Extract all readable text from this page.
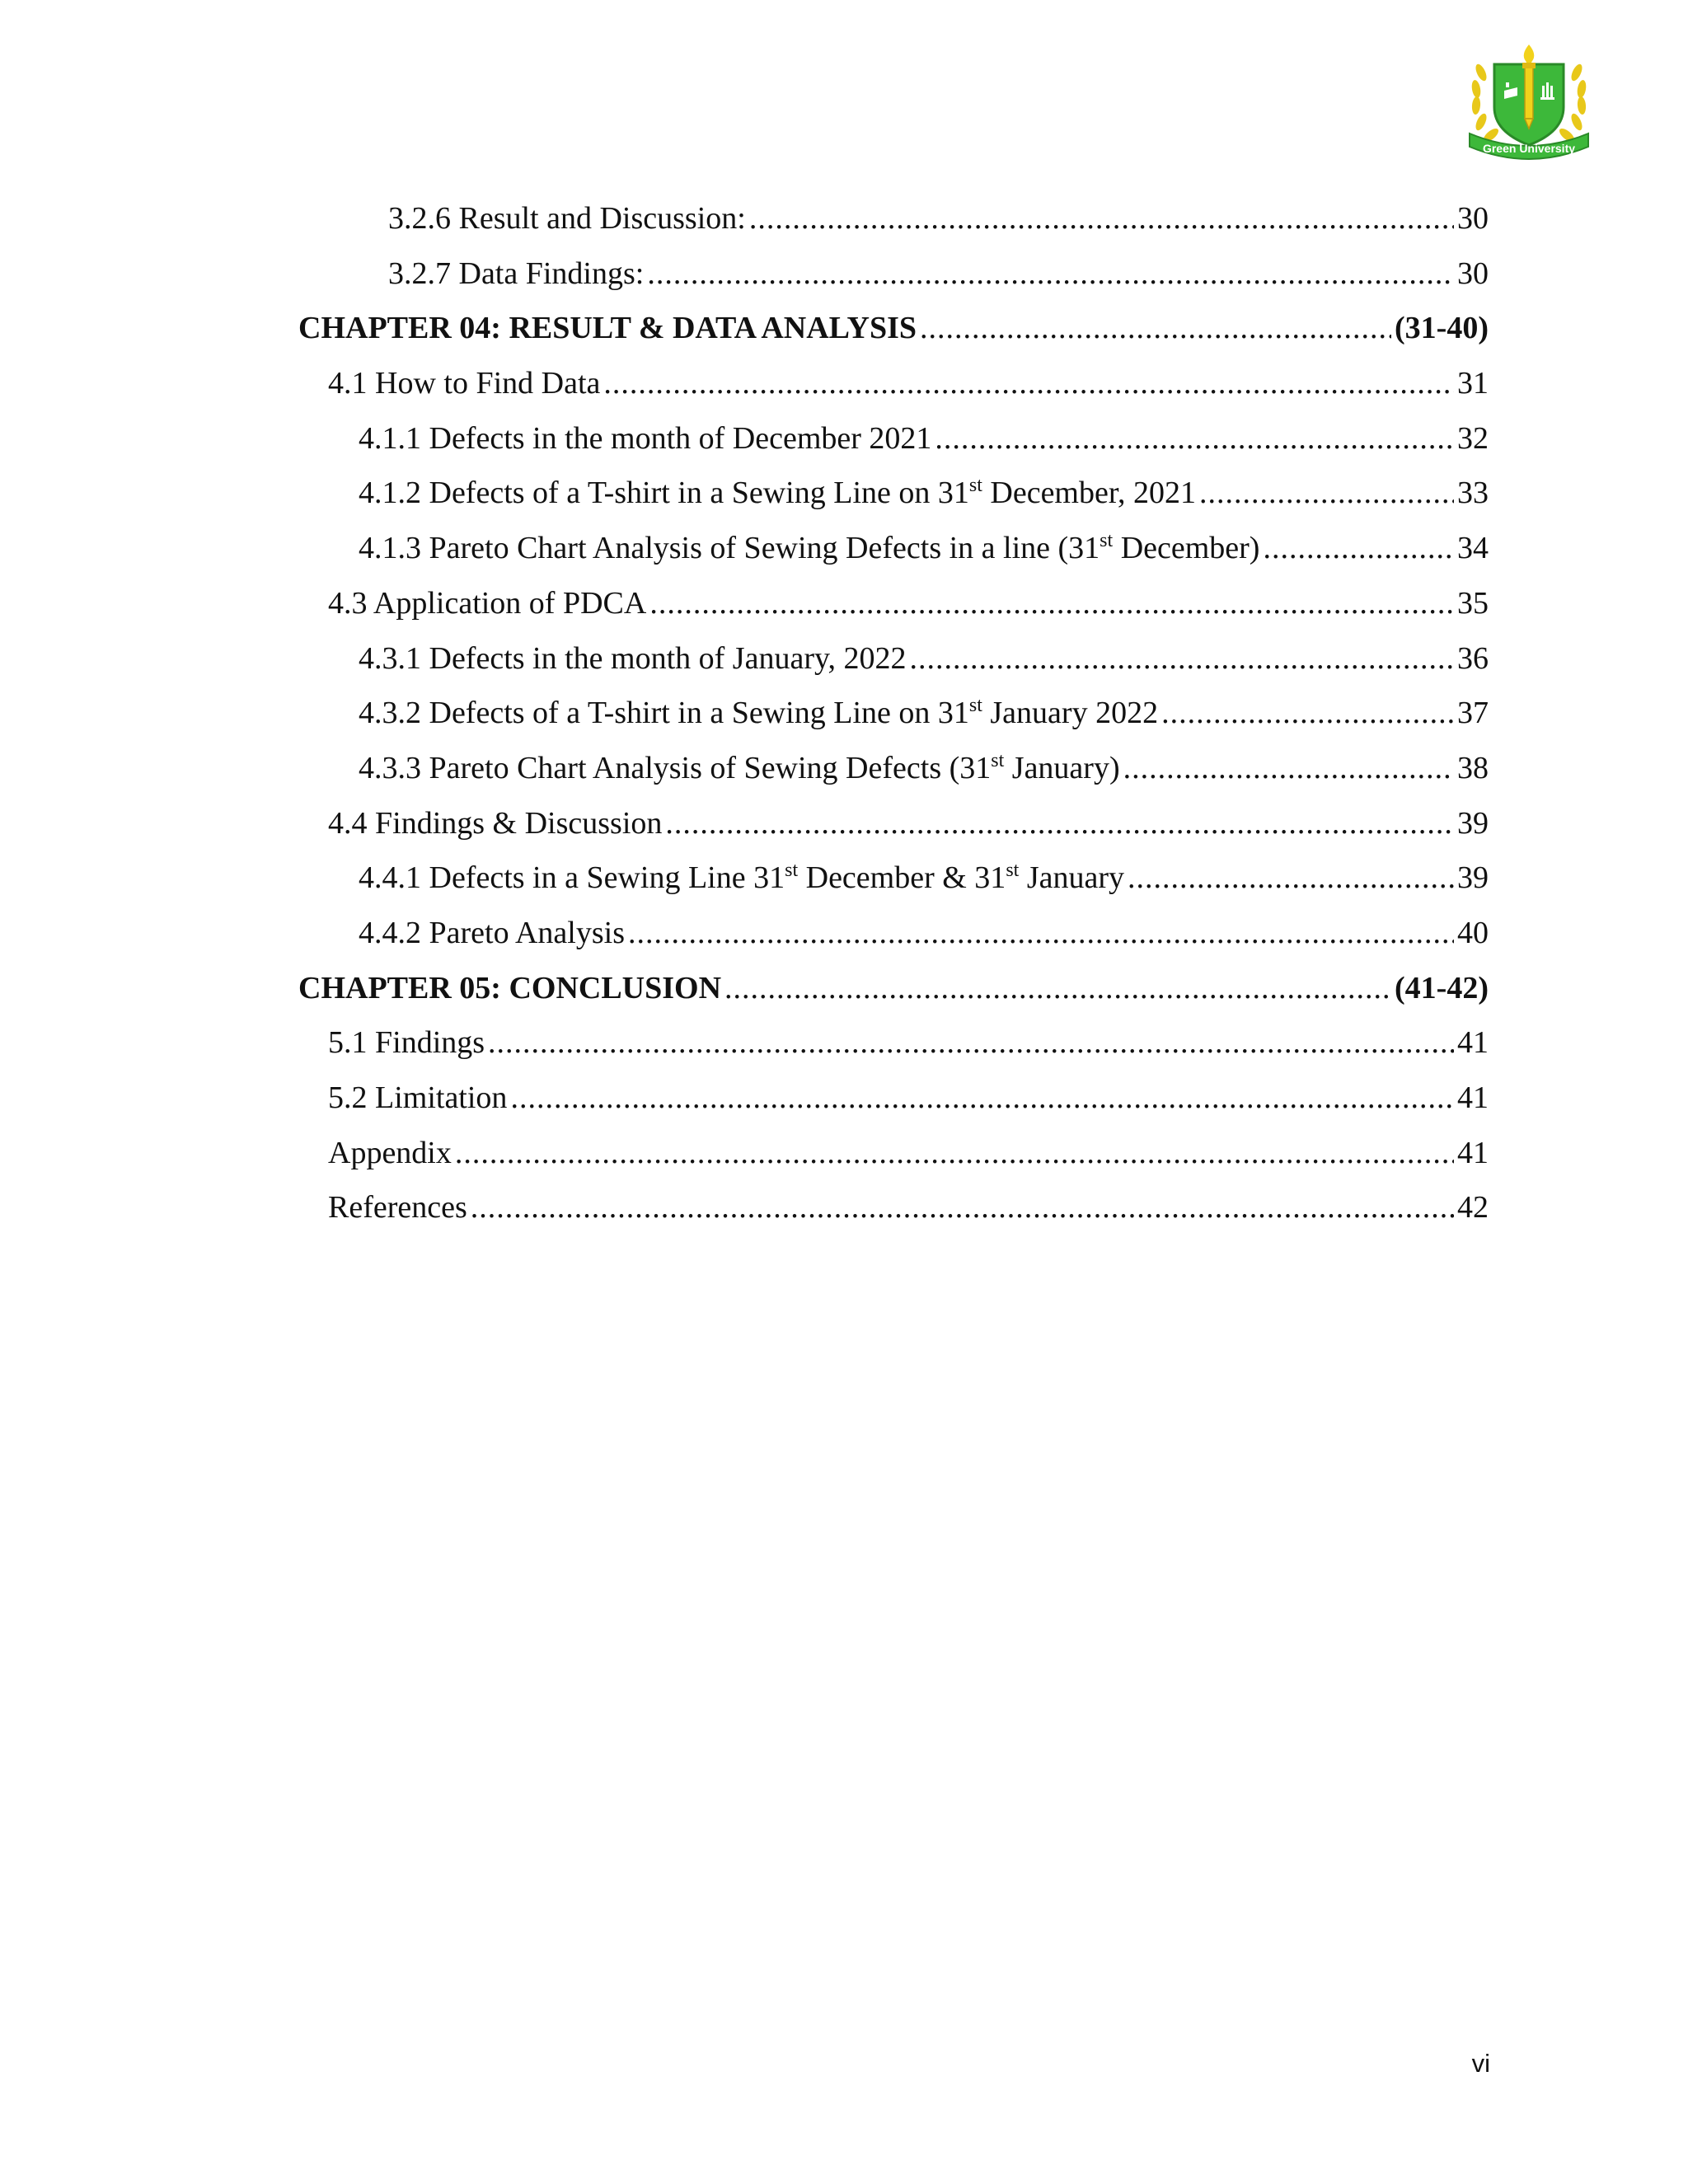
Green University
3.2.6 Result and Discussion: .....	30
3.2.7 Data Findings: .....	30
CHAPTER 04: RESULT & DATA ANALYSIS .....	(31-40)
4.1 How to Find Data .....	31
4.1.1 Defects in the month of December 2021 .....	32
4.1.2 Defects of a T-shirt in a Sewing Line on 31st December, 2021 .....	33
4.1.3 Pareto Chart Analysis of Sewing Defects in a line (31st December) .....	34
4.3 Application of PDCA .....	35
4.3.1 Defects in the month of January, 2022 .....	36
4.3.2 Defects of a T-shirt in a Sewing Line on 31st January 2022 .....	37
4.3.3 Pareto Chart Analysis of Sewing Defects (31st January) .....	38
4.4 Findings & Discussion .....	39
4.4.1 Defects in a Sewing Line 31st December & 31st January .....	39
4.4.2 Pareto Analysis .....	40
CHAPTER 05: CONCLUSION .....	(41-42)
5.1 Findings .....	41
5.2 Limitation .....	41
Appendix .....	41
References .....	42
vi
